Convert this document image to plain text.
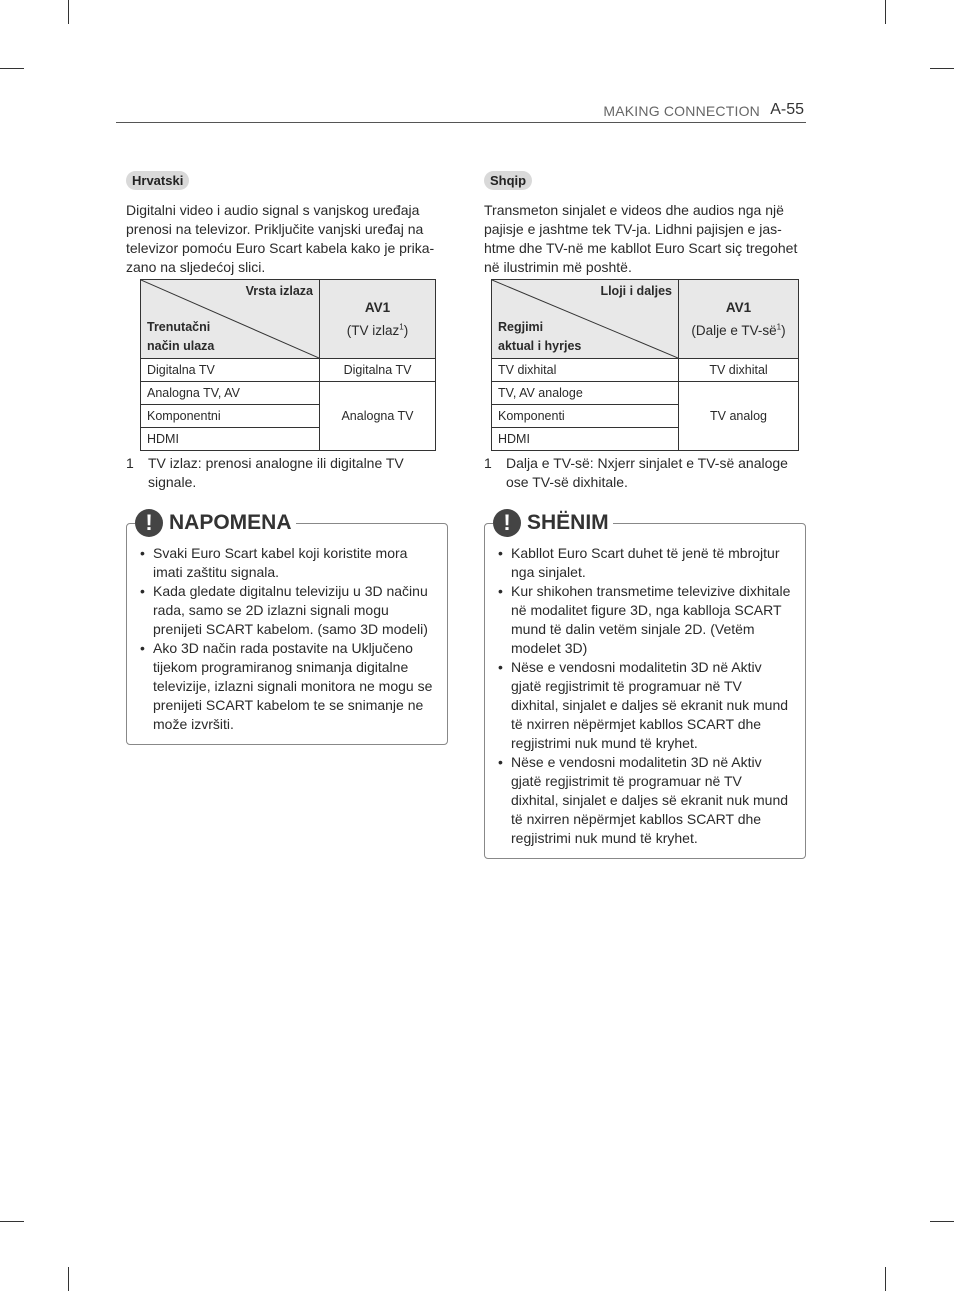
MAKING CONNECTION A-55
Hrvatski

Digitalni video i audio signal s vanjskog uređaja prenosi na televizor. Priključite vanjski uređaj na televizor pomoću Euro Scart kabela kako je prika-zano na sljedećoj slici.

Vrsta izlaza
Trenutačni
način ulaza	AV1
(TV izlaz$^1$)
Digitalna TV	Digitalna TV
Analogna TV, AV	Analogna TV
Komponentni	
HDMI	
1	TV izlaz: prenosi analogne ili digitalne TV signale.
! NAPOMENA
• Svaki Euro Scart kabel koji koristite mora imati zaštitu signala.
• Kada gledate digitalnu televiziju u 3D načinu rada, samo se 2D izlazni signali mogu prenijeti SCART kabelom. (samo 3D modeli)
• Ako 3D način rada postavite na Uključeno tijekom programiranog snimanja digitalne televizije, izlazni signali monitora ne mogu se prenijeti SCART kabelom te se snimanje ne može izvršiti.
Shqip

Transmeton sinjalet e videos dhe audios nga një pajisje e jashtme tek TV-ja. Lidhni pajisjen e jas-htme dhe TV-në me kabllot Euro Scart siç tregohet në ilustrimin më poshtë.

Lloji i daljes
Regjimi
aktual i hyrjes	AV1
(Dalje e $TV-së^1$)
TV dixhital	TV dixhital
TV, AV analoge	TV analog
Komponenti	
HDMI	
1	Dalja e TV-së: Nxjerr sinjalet e TV-së analoge ose TV-së dixhitale.
! SHËNIM
• Kabllot Euro Scart duhet të jenë të mbrojtur nga sinjalet.
• Kur shikohen transmetime televizive dixhitale në modalitet figure 3D, nga kablloja SCART mund të dalin vetëm sinjale 2D. (Vetëm modelet 3D)
• Nëse e vendosni modalitetin 3D në Aktiv gjatë regjistrimit të programuar në TV dixhital, sinjalet e daljes së ekranit nuk mund të nxirren nëpërmjet kabllos SCART dhe regjistrimi nuk mund të kryhet.
• Nëse e vendosni modalitetin 3D në Aktiv gjatë regjistrimit të programuar në TV dixhital, sinjalet e daljes së ekranit nuk mund të nxirren nëpërmjet kabllos SCART dhe regjistrimi nuk mund të kryhet.
